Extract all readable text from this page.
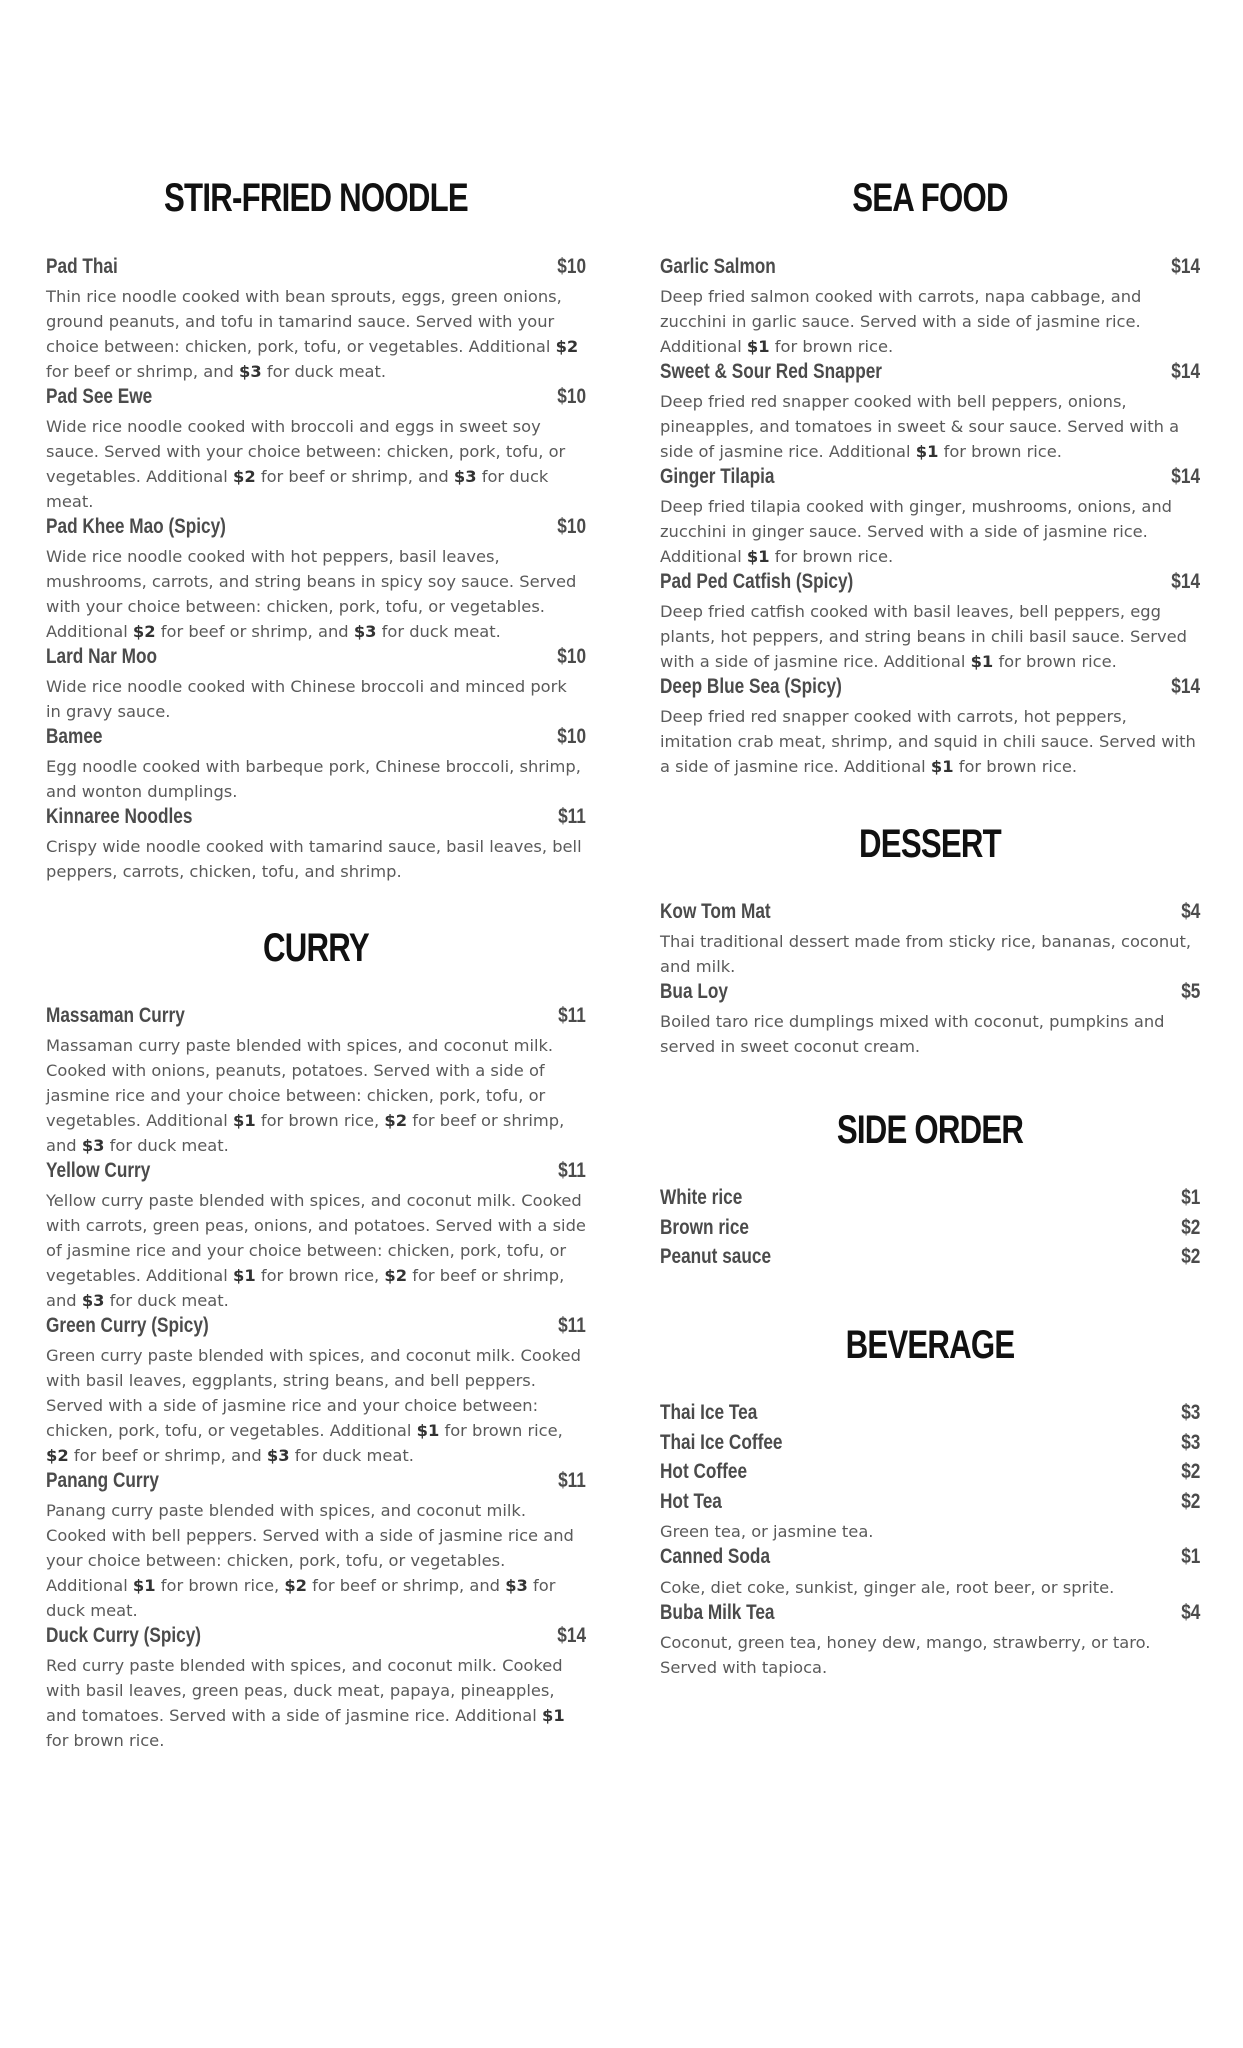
STIR-FRIED NOODLE
Pad Thai	$10

Thin rice noodle cooked with bean sprouts, eggs, green onions, ground peanuts, and tofu in tamarind sauce. Served with your choice between: chicken, pork, tofu, or vegetables. Additional $2 for beef or shrimp, and $3 for duck meat.

Pad See Ewe	$10

Wide rice noodle cooked with broccoli and eggs in sweet soy sauce. Served with your choice between: chicken, pork, tofu, or vegetables. Additional $2 for beef or shrimp, and $3 for duck meat.

Pad Khee Mao (Spicy)	$10

Wide rice noodle cooked with hot peppers, basil leaves, mushrooms, carrots, and string beans in spicy soy sauce. Served with your choice between: chicken, pork, tofu, or vegetables. Additional $2 for beef or shrimp, and $3 for duck meat.

Lard Nar Moo	$10

Wide rice noodle cooked with Chinese broccoli and minced pork in gravy sauce.

Bamee	$10

Egg noodle cooked with barbeque pork, Chinese broccoli, shrimp, and wonton dumplings.

Kinnaree Noodles	$11

Crispy wide noodle cooked with tamarind sauce, basil leaves, bell peppers, carrots, chicken, tofu, and shrimp.

CURRY
Massaman Curry	$11

Massaman curry paste blended with spices, and coconut milk. Cooked with onions, peanuts, potatoes. Served with a side of jasmine rice and your choice between: chicken, pork, tofu, or vegetables. Additional $1 for brown rice, $2 for beef or shrimp, and $3 for duck meat.

Yellow Curry	$11

Yellow curry paste blended with spices, and coconut milk. Cooked with carrots, green peas, onions, and potatoes. Served with a side of jasmine rice and your choice between: chicken, pork, tofu, or vegetables. Additional $1 for brown rice, $2 for beef or shrimp, and $3 for duck meat.

Green Curry (Spicy)	$11

Green curry paste blended with spices, and coconut milk. Cooked with basil leaves, eggplants, string beans, and bell peppers. Served with a side of jasmine rice and your choice between: chicken, pork, tofu, or vegetables. Additional $1 for brown rice, $2 for beef or shrimp, and $3 for duck meat.

Panang Curry	$11

Panang curry paste blended with spices, and coconut milk. Cooked with bell peppers. Served with a side of jasmine rice and your choice between: chicken, pork, tofu, or vegetables. Additional $1 for brown rice, $2 for beef or shrimp, and $3 for duck meat.

Duck Curry (Spicy)	$14

Red curry paste blended with spices, and coconut milk. Cooked with basil leaves, green peas, duck meat, papaya, pineapples, and tomatoes. Served with a side of jasmine rice. Additional $1 for brown rice.

SEA FOOD
Garlic Salmon	$14

Deep fried salmon cooked with carrots, napa cabbage, and zucchini in garlic sauce. Served with a side of jasmine rice. Additional $1 for brown rice.

Sweet & Sour Red Snapper	$14

Deep fried red snapper cooked with bell peppers, onions, pineapples, and tomatoes in sweet & sour sauce. Served with a side of jasmine rice. Additional $1 for brown rice.

Ginger Tilapia	$14

Deep fried tilapia cooked with ginger, mushrooms, onions, and zucchini in ginger sauce. Served with a side of jasmine rice. Additional $1 for brown rice.

Pad Ped Catfish (Spicy)	$14

Deep fried catfish cooked with basil leaves, bell peppers, egg plants, hot peppers, and string beans in chili basil sauce. Served with a side of jasmine rice. Additional $1 for brown rice.

Deep Blue Sea (Spicy)	$14

Deep fried red snapper cooked with carrots, hot peppers, imitation crab meat, shrimp, and squid in chili sauce. Served with a side of jasmine rice. Additional $1 for brown rice.

DESSERT
Kow Tom Mat	$4

Thai traditional dessert made from sticky rice, bananas, coconut, and milk.

Bua Loy	$5

Boiled taro rice dumplings mixed with coconut, pumpkins and served in sweet coconut cream.

SIDE ORDER
White rice	$1
Brown rice	$2
Peanut sauce	$2
BEVERAGE
Thai Ice Tea	$3
Thai Ice Coffee	$3
Hot Coffee	$2
Hot Tea	$2

Green tea, or jasmine tea.

Canned Soda	$1

Coke, diet coke, sunkist, ginger ale, root beer, or sprite.

Buba Milk Tea	$4

Coconut, green tea, honey dew, mango, strawberry, or taro. Served with tapioca.
